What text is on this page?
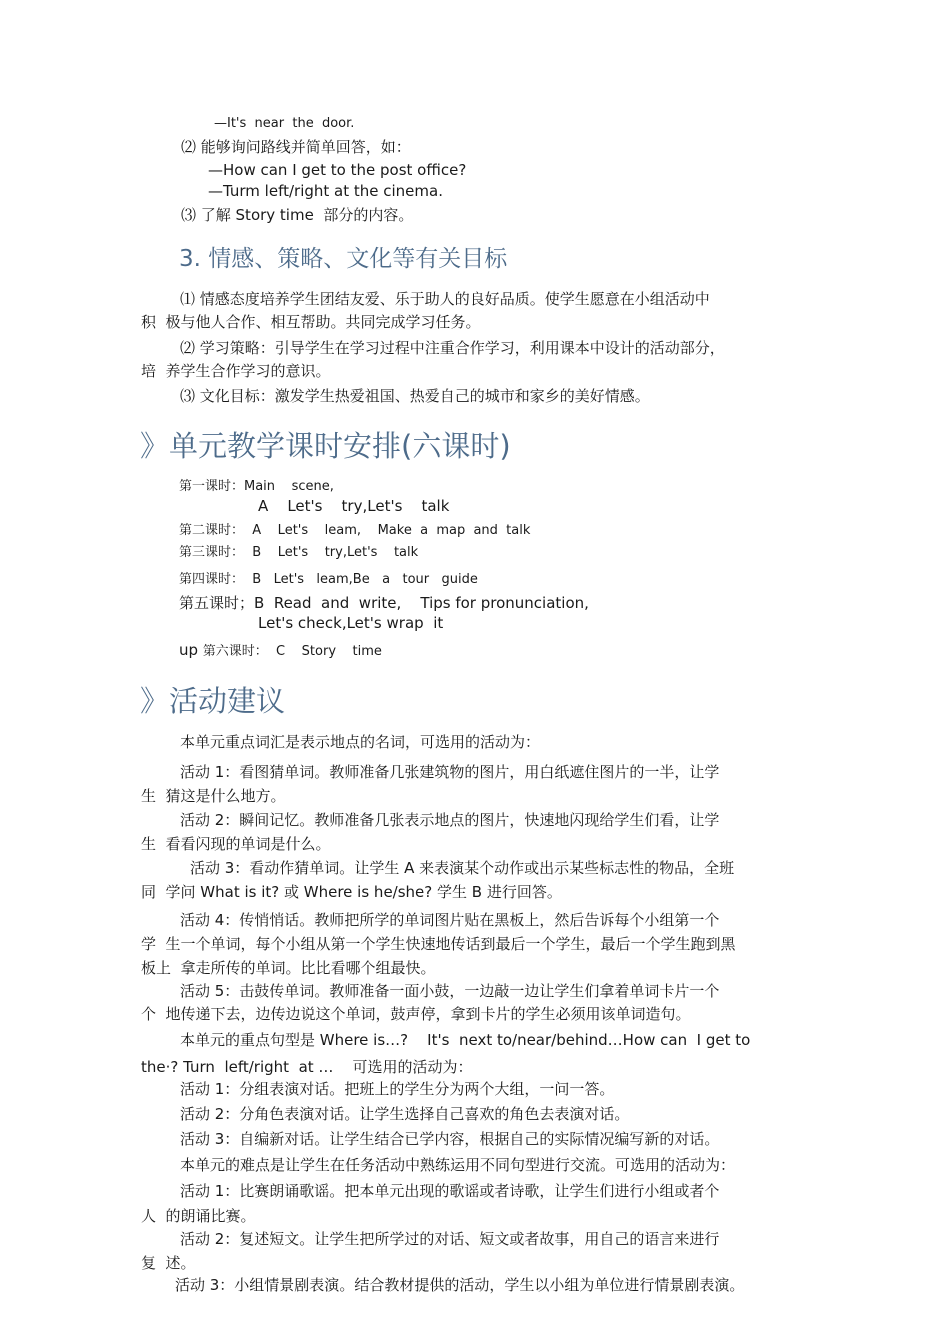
—It's  near  the  door.
⑵ 能够询问路线并简单回答，如：
—How can I get to the post office?
—Turm left/right at the cinema.
⑶ 了解 Story time  部分的内容。
3. 情感、策略、文化等有关目标
⑴ 情感态度培养学生团结友爱、乐于助人的良好品质。使学生愿意在小组活动中
积  极与他人合作、相互帮助。共同完成学习任务。
⑵ 学习策略：引导学生在学习过程中注重合作学习，利用课本中设计的活动部分，
培  养学生合作学习的意识。
⑶ 文化目标：激发学生热爱祖国、热爱自己的城市和家乡的美好情感。
》单元教学课时安排(六课时)
第一课时：Main    scene,
A    Let's    try,Let's    talk
第二课时：  A    Let's    leam,    Make  a  map  and  talk
第三课时：  B    Let's    try,Let's    talk
第四课时：  B   Let's   leam,Be   a   tour   guide
第五课时；B  Read  and  write,    Tips for pronunciation,
Let's check,Let's wrap  it
up 第六课时：  C    Story    time
》活动建议
本单元重点词汇是表示地点的名词，可选用的活动为：
活动 1：看图猜单词。教师准备几张建筑物的图片，用白纸遮住图片的一半，让学
生  猜这是什么地方。
活动 2：瞬间记忆。教师准备几张表示地点的图片，快速地闪现给学生们看，让学
生  看看闪现的单词是什么。
活动 3：看动作猜单词。让学生 A 来表演某个动作或出示某些标志性的物品，全班
同  学问 What is it? 或 Where is he/she? 学生 B 进行回答。
活动 4：传悄悄话。教师把所学的单词图片贴在黑板上，然后告诉每个小组第一个
学  生一个单词，每个小组从第一个学生快速地传话到最后一个学生，最后一个学生跑到黑
板上  拿走所传的单词。比比看哪个组最快。
活动 5：击鼓传单词。教师准备一面小鼓，一边敲一边让学生们拿着单词卡片一个
个  地传递下去，边传边说这个单词，鼓声停，拿到卡片的学生必须用该单词造句。
本单元的重点句型是 Where is…?    It's  next to/near/behind…How can  I get to
the·? Turn  left/right  at …    可选用的活动为：
活动 1：分组表演对话。把班上的学生分为两个大组，一问一答。
活动 2：分角色表演对话。让学生选择自己喜欢的角色去表演对话。
活动 3：自编新对话。让学生结合已学内容，根据自己的实际情况编写新的对话。
本单元的难点是让学生在任务活动中熟练运用不同句型进行交流。可选用的活动为：
活动 1：比赛朗诵歌谣。把本单元出现的歌谣或者诗歌，让学生们进行小组或者个
人  的朗诵比赛。
活动 2：复述短文。让学生把所学过的对话、短文或者故事，用自己的语言来进行
复  述。
活动 3：小组情景剧表演。结合教材提供的活动，学生以小组为单位进行情景剧表演。
